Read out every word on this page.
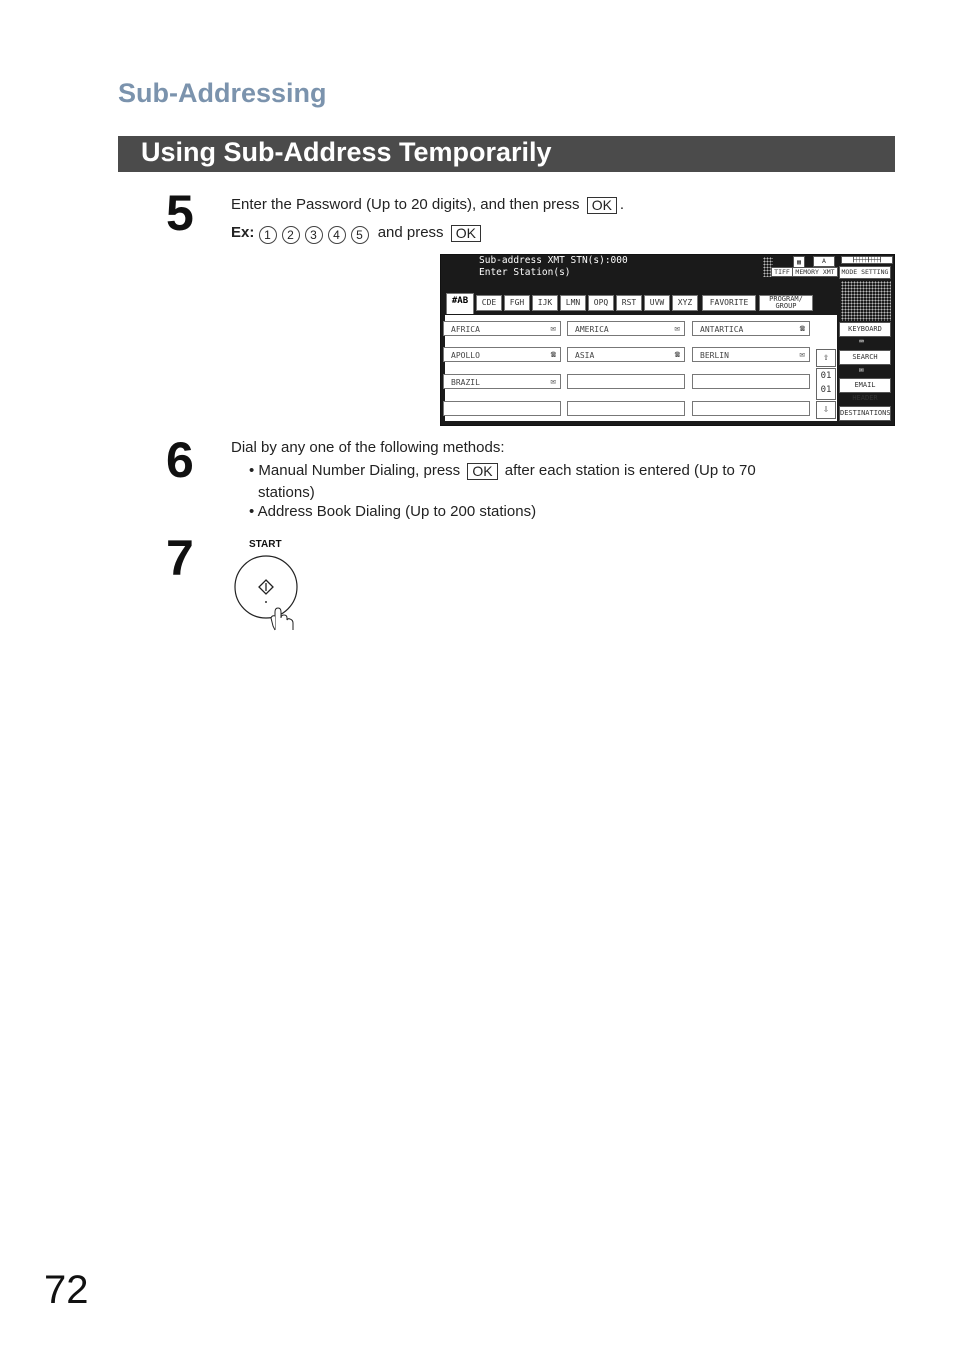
Sub-Addressing
Using Sub-Address Temporarily
5 Enter the Password (Up to 20 digits), and then press OK .
Ex: 1 2 3 4 5 and press OK
Sub-address XMT STN(s):000
Enter Station(s)
▦	A	┠┼┼┼┼╂┼┼┼┨
TIFF MEMORY XMT	MODE SETTING
#AB	CDE	FGH	IJK	LMN	OPQ	RST	UVW	XYZ	FAVORITE	PROGRAM/ GROUP
AFRICA	✉	AMERICA	✉	ANTARTICA	☎
APOLLO	☎	ASIA	☎	BERLIN	✉
BRAZIL	✉
⇧
01
01
⇩
KEYBOARD
⌨
SEARCH
✉
EMAIL HEADER
DESTINATIONS
6 Dial by any one of the following methods:
• Manual Number Dialing, press OK after each station is entered (Up to 70
stations)
• Address Book Dialing (Up to 200 stations)
7	START
72
